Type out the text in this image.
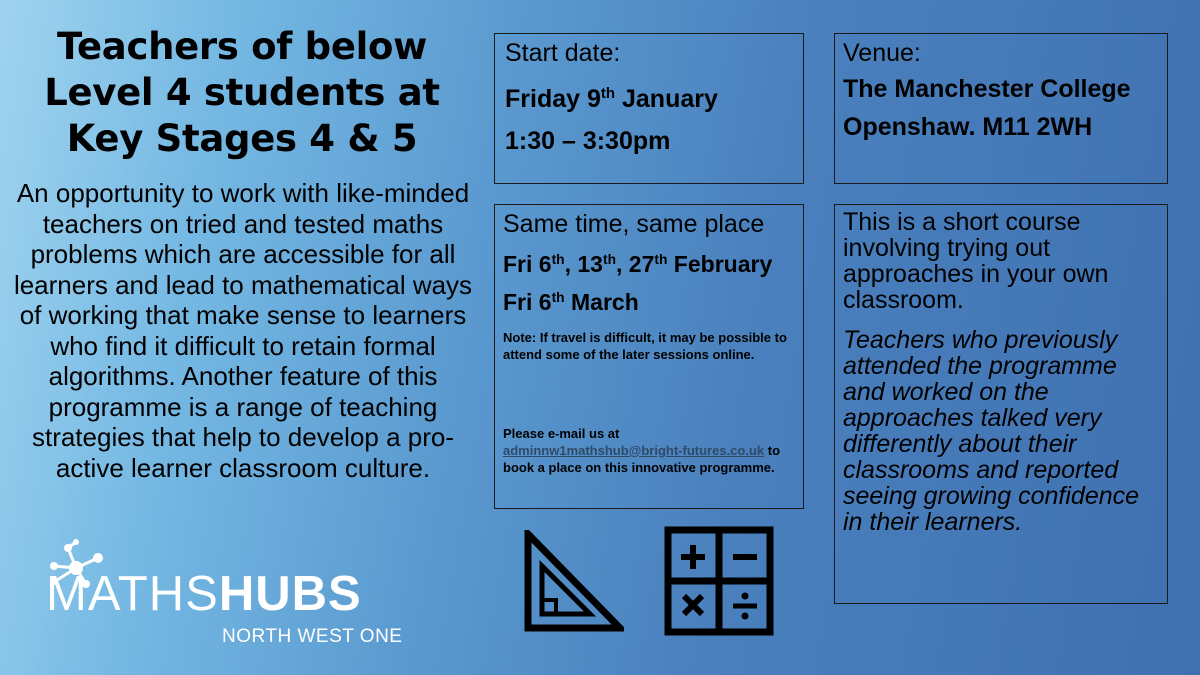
Teachers of below
Level 4 students at
Key Stages 4 & 5
An opportunity to work with like-minded teachers on tried and tested maths problems which are accessible for all learners and lead to mathematical ways of working that make sense to learners who find it difficult to retain formal algorithms. Another feature of this programme is a range of teaching strategies that help to develop a pro-active learner classroom culture.
Start date:
Friday 9th January
1:30 – 3:30pm
Venue:
The Manchester College
Openshaw. M11 2WH
Same time, same place
Fri 6th, 13th, 27th February
Fri 6th March
Note: If travel is difficult, it may be possible to attend some of the later sessions online.
Please e-mail us at
adminnw1mathshub@bright-futures.co.uk to book a place on this innovative programme.
This is a short course involving trying out approaches in your own classroom.
Teachers who previously attended the programme and worked on the approaches talked very differently about their classrooms and reported seeing growing confidence in their learners.
MATHSHUBS
NORTH WEST ONE
